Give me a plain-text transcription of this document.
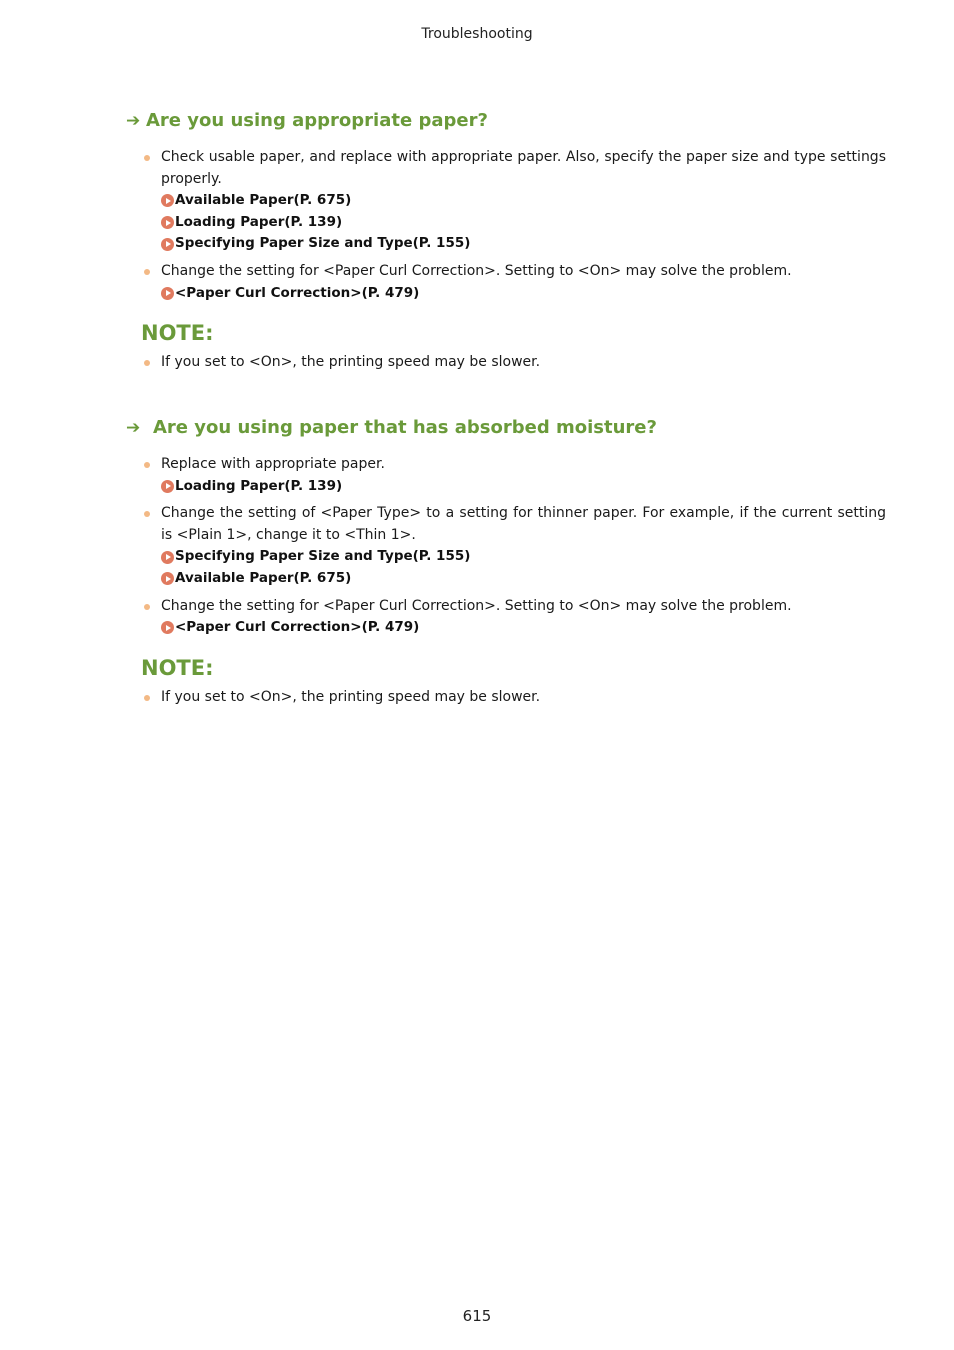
Troubleshooting
➔ Are you using appropriate paper?
Check usable paper, and replace with appropriate paper. Also, specify the paper size and type settings properly.
Available Paper(P. 675)
Loading Paper(P. 139)
Specifying Paper Size and Type(P. 155)
Change the setting for <Paper Curl Correction>. Setting to <On> may solve the problem.
<Paper Curl Correction>(P. 479)
NOTE:
If you set to <On>, the printing speed may be slower.
➔ Are you using paper that has absorbed moisture?
Replace with appropriate paper.
Loading Paper(P. 139)
Change the setting of <Paper Type> to a setting for thinner paper. For example, if the current setting is <Plain 1>, change it to <Thin 1>.
Specifying Paper Size and Type(P. 155)
Available Paper(P. 675)
Change the setting for <Paper Curl Correction>. Setting to <On> may solve the problem.
<Paper Curl Correction>(P. 479)
NOTE:
If you set to <On>, the printing speed may be slower.
615
